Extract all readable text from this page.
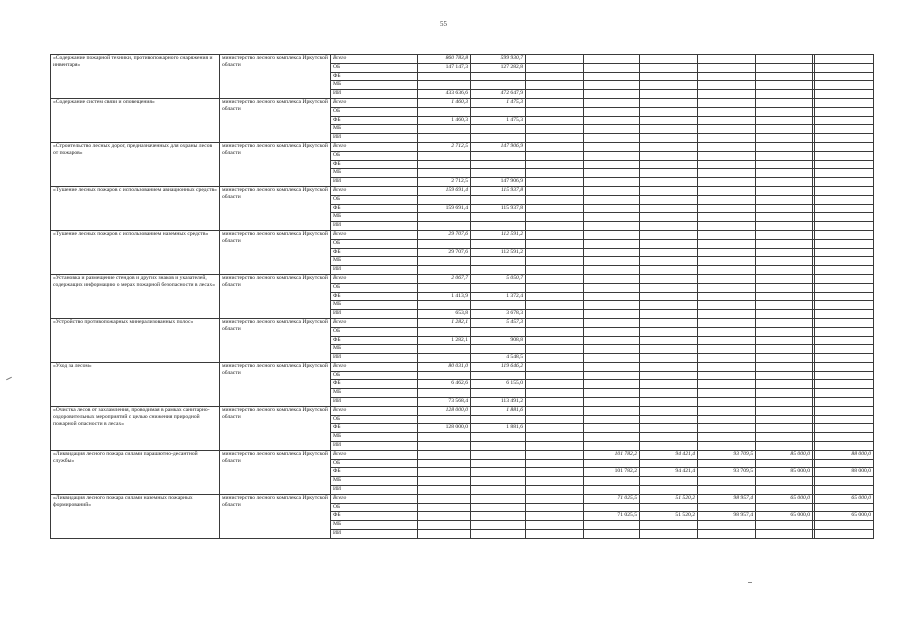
55
«Содержание пожарной техники, противопожарного снаряжения и инвентаря»	министерство лесного комплекса Иркутской области	Всего	860 783,8	599 930,7							
		ОБ	147 147,3	127 282,8							
		ФБ									
		МБ									
		ИИ	433 636,6	472 647,9							
«Содержание систем связи и оповещения»	министерство лесного комплекса Иркутской области	Всего	1 460,3	1 475,3							
		ОБ									
		ФБ	1 460,3	1 475,3							
		МБ									
		ИИ									
«Строительство лесных дорог, предназначенных для охраны лесов от пожаров»	министерство лесного комплекса Иркутской области	Всего	2 712,5	147 906,9							
		ОБ									
		ФБ									
		МБ									
		ИИ	2 712,5	147 906,9							
«Тушение лесных пожаров с использованием авиационных средств»	министерство лесного комплекса Иркутской области	Всего	159 691,4	115 937,8							
		ОБ									
		ФБ	159 691,4	115 937,8							
		МБ									
		ИИ									
«Тушение лесных пожаров с использованием наземных средств»	министерство лесного комплекса Иркутской области	Всего	29 707,6	112 591,2							
		ОБ									
		ФБ	29 707,6	112 591,2							
		МБ									
		ИИ									
«Установка и размещение стендов и других знаков и указателей, содержащих информацию о мерах пожарной безопасности в лесах»	министерство лесного комплекса Иркутской области	Всего	2 067,7	5 050,7							
		ОБ									
		ФБ	1 413,9	1 372,4							
		МБ									
		ИИ	653,8	3 678,3							
«Устройство противопожарных минерализованных полос»	министерство лесного комплекса Иркутской области	Всего	1 282,1	5 457,3							
		ОБ									
		ФБ	1 282,1	908,8							
		МБ									
		ИИ		4 548,5							
«Уход за лесом»	министерство лесного комплекса Иркутской области	Всего	80 031,0	119 646,2							
		ОБ									
		ФБ	6 462,6	6 155,0							
		МБ									
		ИИ	73 568,4	113 491,2							
«Очистка лесов от захламления, проводимая в рамках санитарно-оздоровительных мероприятий с целью снижения природной пожарной опасности в лесах»	министерство лесного комплекса Иркутской области	Всего	128 000,0	1 881,6							
		ОБ									
		ФБ	128 000,0	1 881,6							
		МБ									
		ИИ									
«Ликвидация лесного пожара силами парашютно-десантной службы»	министерство лесного комплекса Иркутской области	Всего				101 782,2	94 421,4	93 709,5	85 000,0		88 000,0
		ОБ									
		ФБ				101 782,2	94 421,4	93 709,5	85 000,0		88 000,0
		МБ									
		ИИ									
«Ликвидация лесного пожара силами наземных пожарных формирований»	министерство лесного комплекса Иркутской области	Всего				71 025,5	51 520,2	98 957,4	65 000,0		65 000,0
		ОБ									
		ФБ				71 025,5	51 520,2	98 957,4	65 000,0		65 000,0
		МБ									
		ИИ									
